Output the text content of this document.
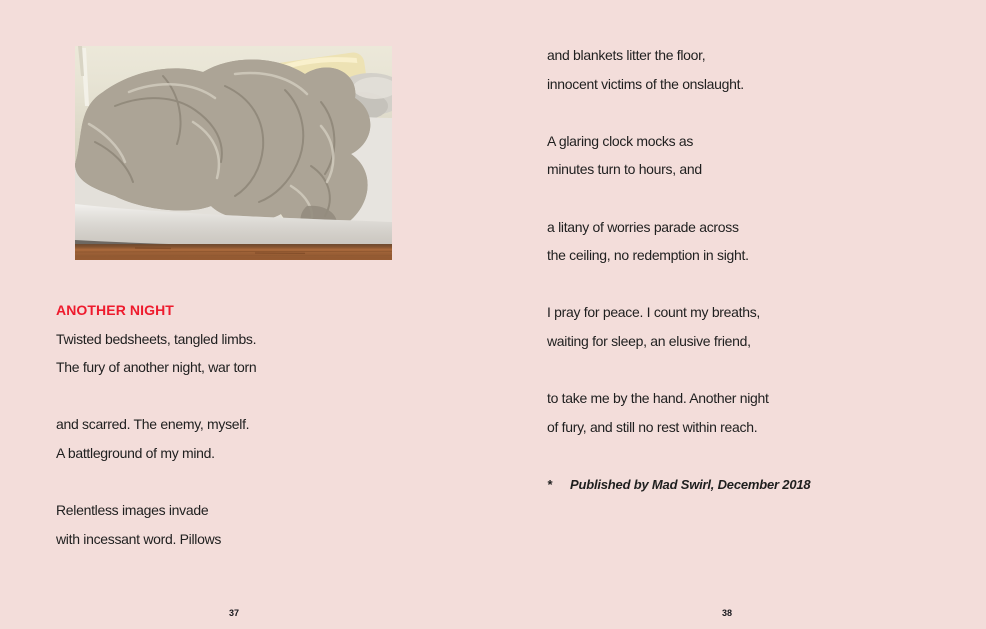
ANOTHER NIGHT
Twisted bedsheets, tangled limbs.
The fury of another night, war torn

and scarred. The enemy, myself.
A battleground of my mind.

Relentless images invade
with incessant word. Pillows
37
and blankets litter the floor,
innocent victims of the onslaught.

A glaring clock mocks as
minutes turn to hours, and

a litany of worries parade across
the ceiling, no redemption in sight.

I pray for peace. I count my breaths,
waiting for sleep, an elusive friend,

to take me by the hand. Another night
of fury, and still no rest within reach.
* Published by Mad Swirl, December 2018
38
